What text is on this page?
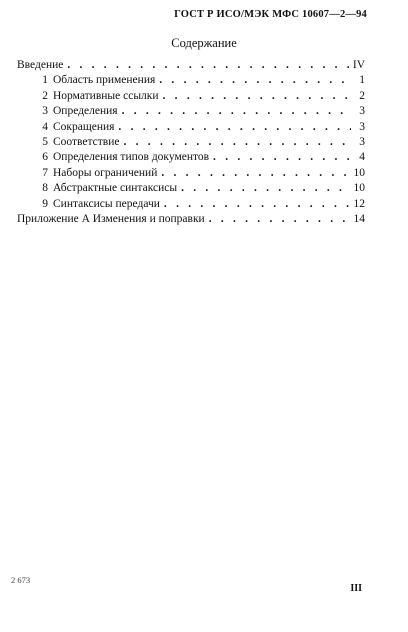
ГОСТ Р ИСО/МЭК МФС 10607—2—94
Содержание
Введение . . .	IV
1 Область применения . . .	1
2 Нормативные ссылки . . .	2
3 Определения . . .	3
4 Сокращения . . .	3
5 Соответствие . . .	3
6 Определения типов документов . . .	4
7 Наборы ограничений . . .	10
8 Абстрактные синтаксисы . . .	10
9 Синтаксисы передачи . . .	12
Приложение А Изменения и поправки . . .	14
2 673
III
